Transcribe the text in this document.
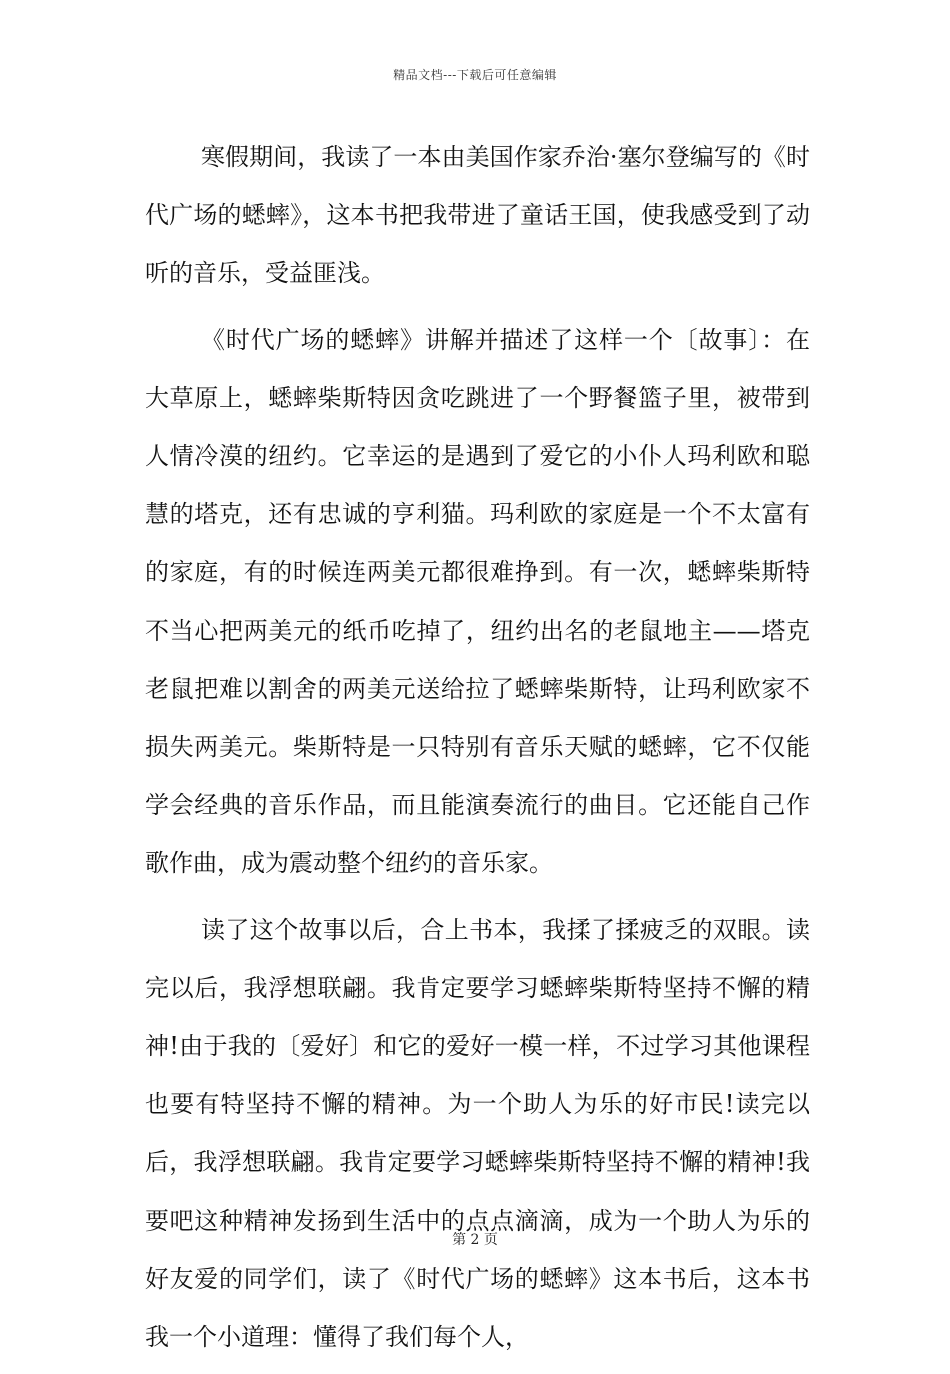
精品文档---下载后可任意编辑

寒假期间，我读了一本由美国作家乔治·塞尔登编写的《时代广场的蟋蟀》，这本书把我带进了童话王国，使我感受到了动听的音乐，受益匪浅。

《时代广场的蟋蟀》讲解并描述了这样一个〔故事〕：在大草原上，蟋蟀柴斯特因贪吃跳进了一个野餐篮子里，被带到人情冷漠的纽约。它幸运的是遇到了爱它的小仆人玛利欧和聪慧的塔克，还有忠诚的亨利猫。玛利欧的家庭是一个不太富有的家庭，有的时候连两美元都很难挣到。有一次，蟋蟀柴斯特不当心把两美元的纸币吃掉了，纽约出名的老鼠地主——塔克老鼠把难以割舍的两美元送给拉了蟋蟀柴斯特，让玛利欧家不损失两美元。柴斯特是一只特别有音乐天赋的蟋蟀，它不仅能学会经典的音乐作品，而且能演奏流行的曲目。它还能自己作歌作曲，成为震动整个纽约的音乐家。

读了这个故事以后，合上书本，我揉了揉疲乏的双眼。读完以后，我浮想联翩。我肯定要学习蟋蟀柴斯特坚持不懈的精神!由于我的〔爱好〕和它的爱好一模一样，不过学习其他课程也要有特坚持不懈的精神。为一个助人为乐的好市民!读完以后，我浮想联翩。我肯定要学习蟋蟀柴斯特坚持不懈的精神!我要吧这种精神发扬到生活中的点点滴滴，成为一个助人为乐的好友爱的同学们，读了《时代广场的蟋蟀》这本书后，这本书我一个小道理：懂得了我们每个人，

第 2 页
